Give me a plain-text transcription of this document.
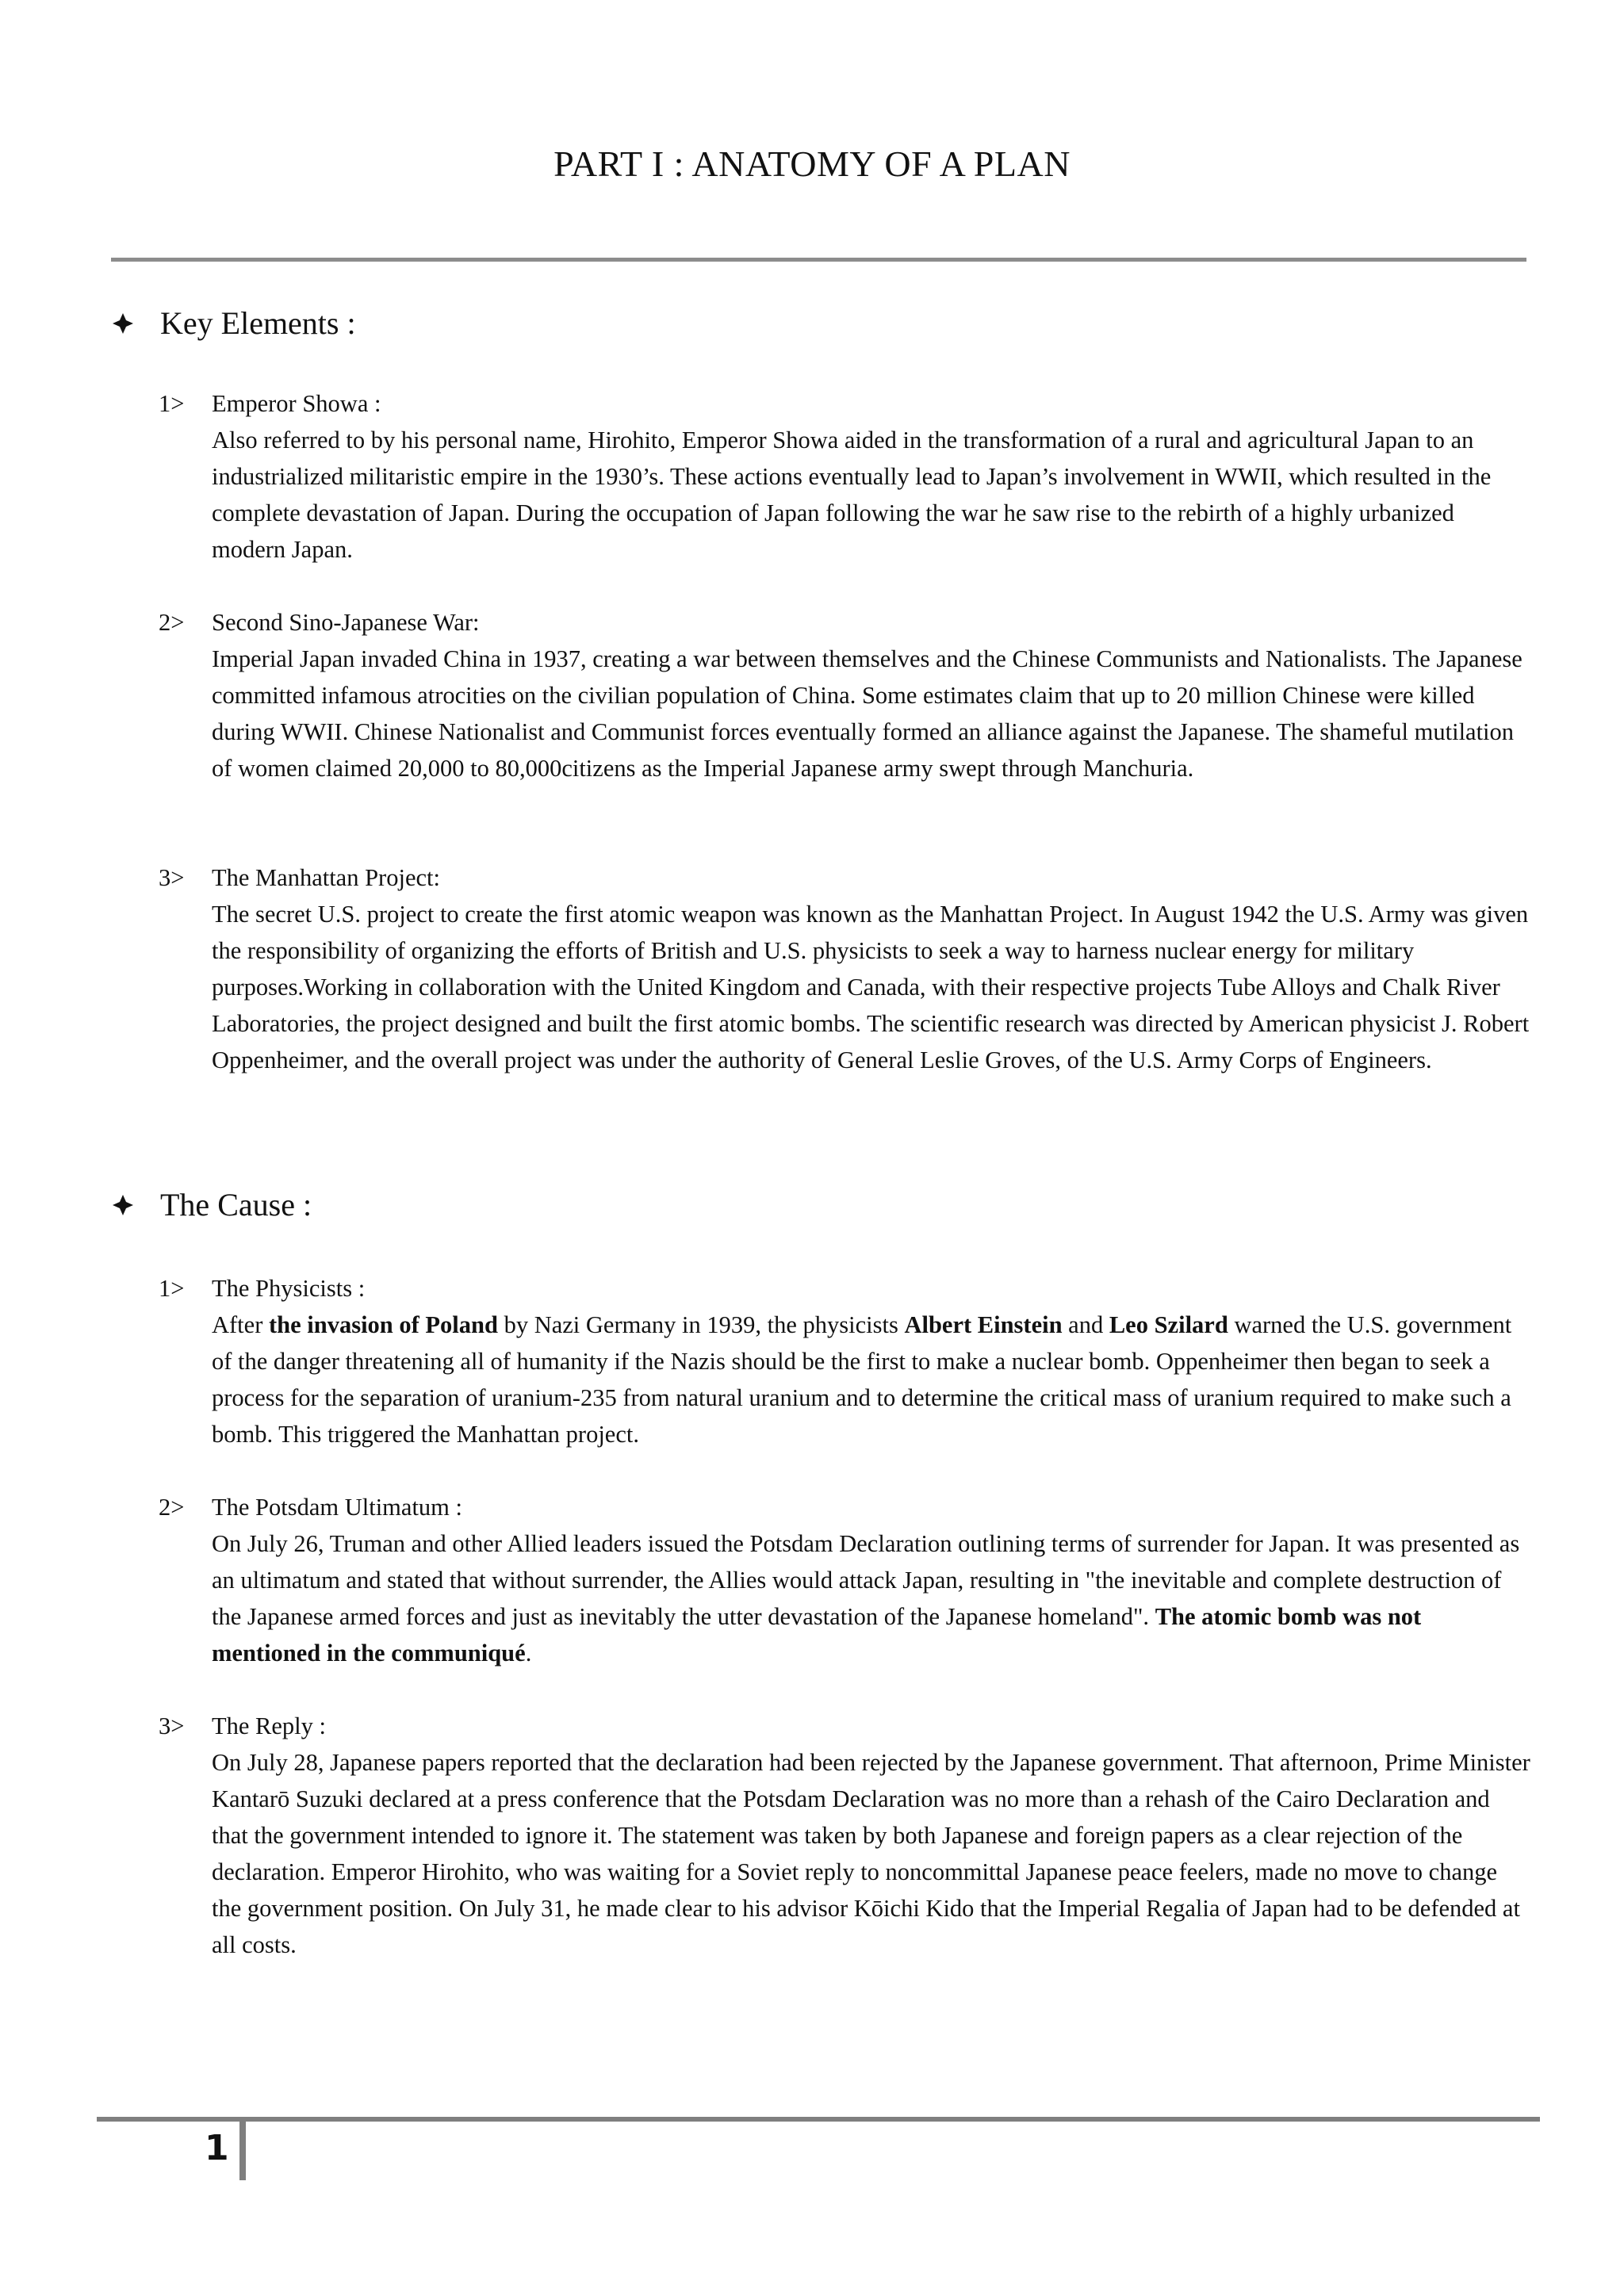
PART I : ANATOMY OF A PLAN
Key Elements :
1>	Emperor Showa :
Also referred to by his personal name, Hirohito, Emperor Showa aided in the transformation of a rural and agricultural Japan to an industrialized militaristic empire in the 1930’s. These actions eventually lead to Japan’s involvement in WWII, which resulted in the complete devastation of Japan. During the occupation of Japan following the war he saw rise to the rebirth of a highly urbanized modern Japan.
2>	Second Sino-Japanese War:
Imperial Japan invaded China in 1937, creating a war between themselves and the Chinese Communists and Nationalists. The Japanese committed infamous atrocities on the civilian population of China. Some estimates claim that up to 20 million Chinese were killed during WWII. Chinese Nationalist and Communist forces eventually formed an alliance against the Japanese. The shameful mutilation of women claimed 20,000 to 80,000citizens as the Imperial Japanese army swept through Manchuria.
3>	The Manhattan Project:
The secret U.S. project to create the first atomic weapon was known as the Manhattan Project. In August 1942 the U.S. Army was given the responsibility of organizing the efforts of British and U.S. physicists to seek a way to harness nuclear energy for military purposes.Working in collaboration with the United Kingdom and Canada, with their respective projects Tube Alloys and Chalk River Laboratories, the project designed and built the first atomic bombs. The scientific research was directed by American physicist J. Robert Oppenheimer, and the overall project was under the authority of General Leslie Groves, of the U.S. Army Corps of Engineers.
The Cause :
1>	The Physicists :
After the invasion of Poland by Nazi Germany in 1939, the physicists Albert Einstein and Leo Szilard warned the U.S. government of the danger threatening all of humanity if the Nazis should be the first to make a nuclear bomb. Oppenheimer then began to seek a process for the separation of uranium-235 from natural uranium and to determine the critical mass of uranium required to make such a bomb. This triggered the Manhattan project.
2>	The Potsdam Ultimatum :
On July 26, Truman and other Allied leaders issued the Potsdam Declaration outlining terms of surrender for Japan. It was presented as an ultimatum and stated that without surrender, the Allies would attack Japan, resulting in "the inevitable and complete destruction of the Japanese armed forces and just as inevitably the utter devastation of the Japanese homeland". The atomic bomb was not mentioned in the communiqué.
3>	The Reply :
On July 28, Japanese papers reported that the declaration had been rejected by the Japanese government. That afternoon, Prime Minister Kantarō Suzuki declared at a press conference that the Potsdam Declaration was no more than a rehash of the Cairo Declaration and that the government intended to ignore it. The statement was taken by both Japanese and foreign papers as a clear rejection of the declaration. Emperor Hirohito, who was waiting for a Soviet reply to noncommittal Japanese peace feelers, made no move to change the government position. On July 31, he made clear to his advisor Kōichi Kido that the Imperial Regalia of Japan had to be defended at all costs.
1
